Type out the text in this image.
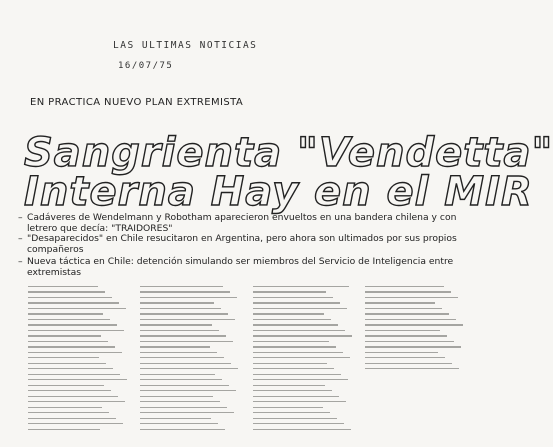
LAS ULTIMAS NOTICIAS
16/07/75
EN PRACTICA NUEVO PLAN EXTREMISTA
Sangrienta "Vendetta"
Interna Hay en el MIR
– Cadáveres de Wendelmann y Robotham aparecieron envueltos en una bandera chilena y con letrero que decía: "TRAIDORES"
– "Desaparecidos" en Chile resucitaron en Argentina, pero ahora son ultimados por sus propios compañeros
– Nueva táctica en Chile: detención simulando ser miembros del Servicio de Inteligencia entre extremistas
